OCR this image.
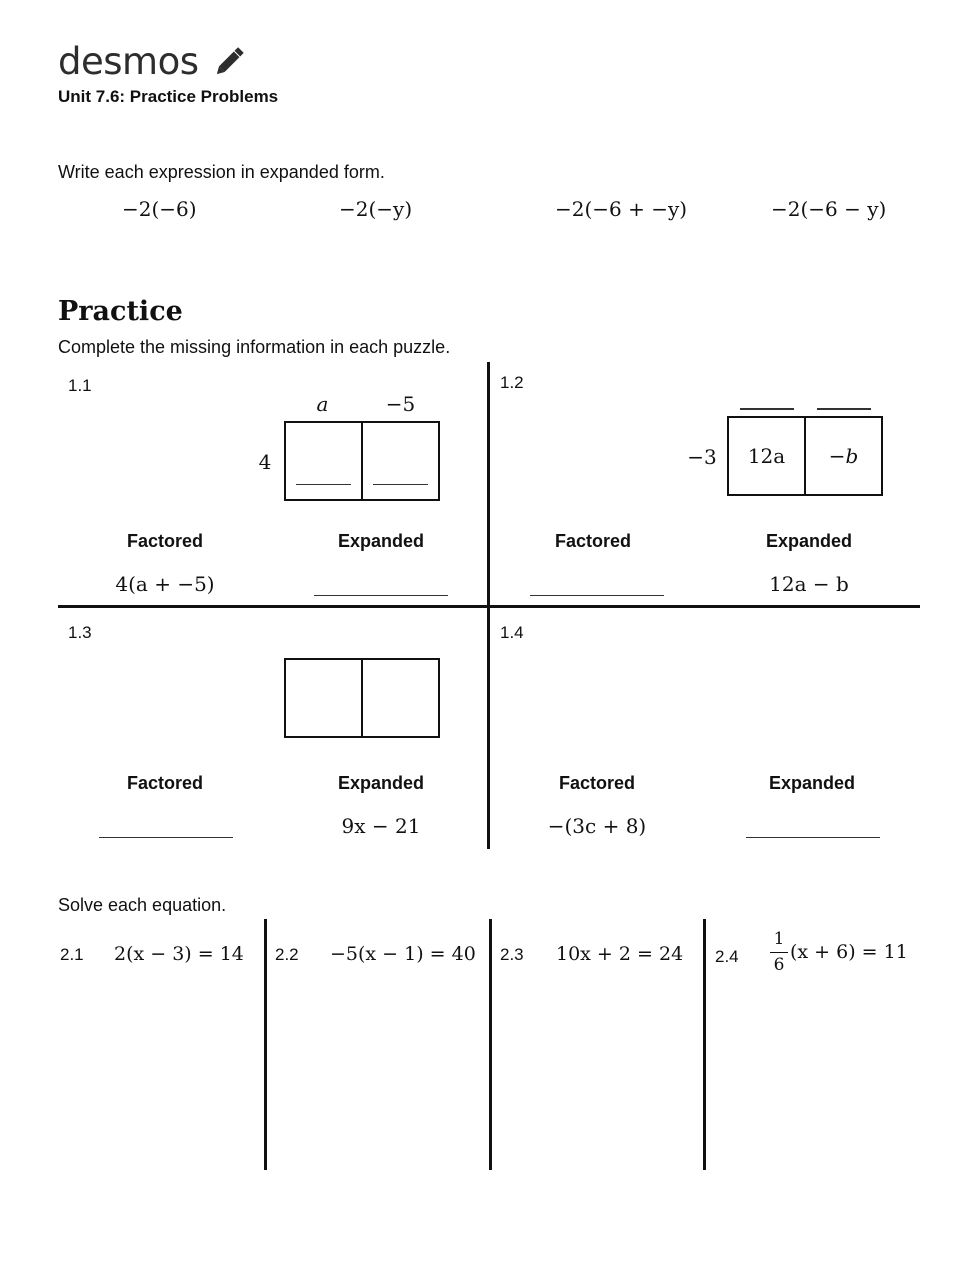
desmos
Unit 7.6: Practice Problems
Write each expression in expanded form.
−2(−6)	−2(−y)	−2(−6 + −y)	−2(−6 − y)
Practice
Complete the missing information in each puzzle.
1.1
a	−5
4
Factored	Expanded
4(a + −5)
1.2
−3	12a	−b
Factored	Expanded
12a − b
1.3
Factored	Expanded
9x − 21
1.4
Factored	Expanded
−(3c + 8)
Solve each equation.
2.1 2(x − 3) = 14 2.2 −5(x − 1) = 40 2.3 10x + 2 = 24 $2.4 \frac{1}{6} (x + 6) = 11$
